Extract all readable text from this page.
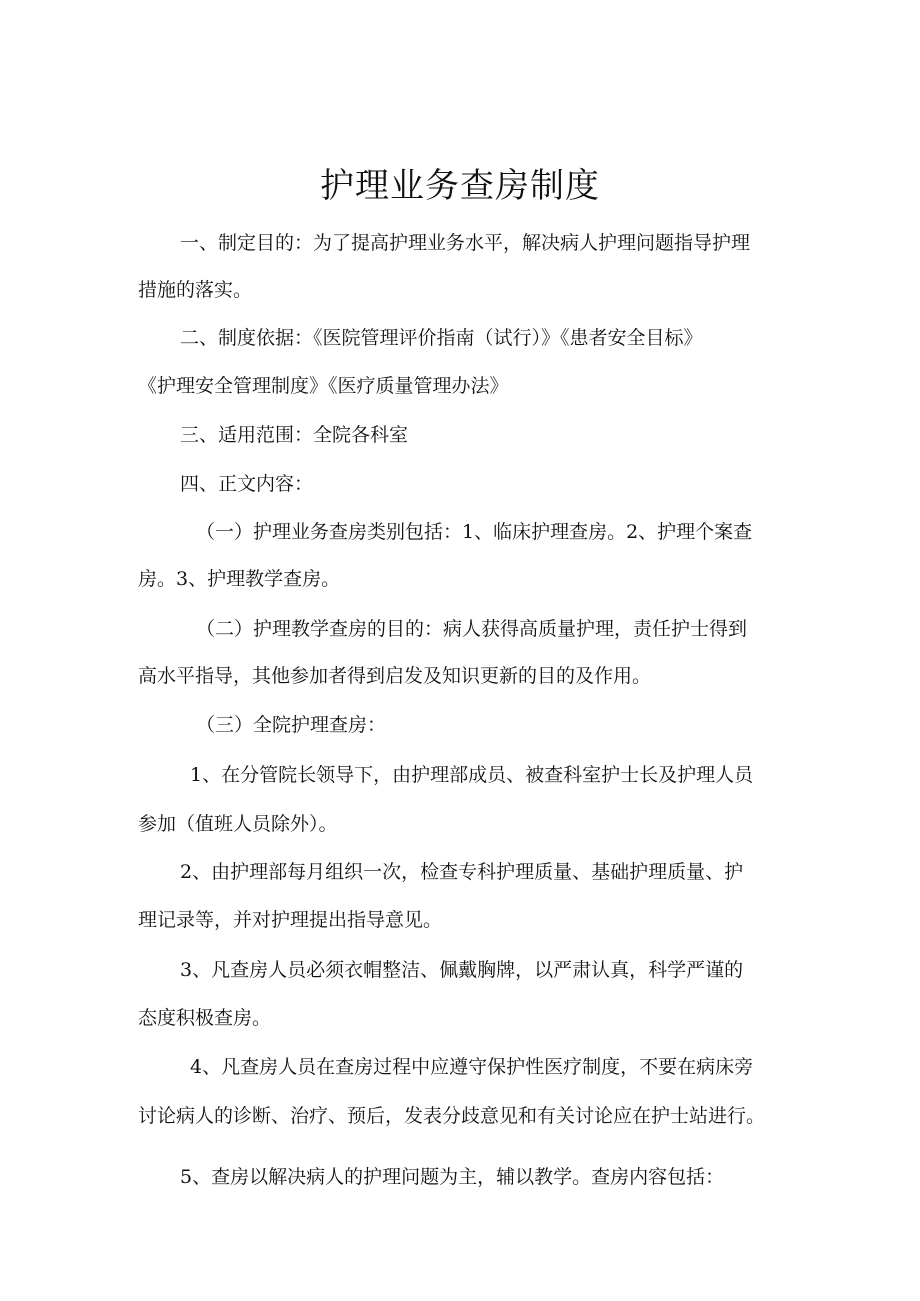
护理业务查房制度
一、制定目的：为了提高护理业务水平，解决病人护理问题指导护理
措施的落实。
二、制度依据：《医院管理评价指南（试行）》《患者安全目标》
《护理安全管理制度》《医疗质量管理办法》
三、适用范围：全院各科室
四、正文内容：
（一）护理业务查房类别包括：1、临床护理查房。2、护理个案查
房。3、护理教学查房。
（二）护理教学查房的目的：病人获得高质量护理，责任护士得到
高水平指导，其他参加者得到启发及知识更新的目的及作用。
（三）全院护理查房：
1、在分管院长领导下，由护理部成员、被查科室护士长及护理人员
参加（值班人员除外）。
2、由护理部每月组织一次，检查专科护理质量、基础护理质量、护
理记录等，并对护理提出指导意见。
3、凡查房人员必须衣帽整洁、佩戴胸牌，以严肃认真，科学严谨的
态度积极查房。
4、凡查房人员在查房过程中应遵守保护性医疗制度，不要在病床旁
讨论病人的诊断、治疗、预后，发表分歧意见和有关讨论应在护士站进行。
5、查房以解决病人的护理问题为主，辅以教学。查房内容包括：
